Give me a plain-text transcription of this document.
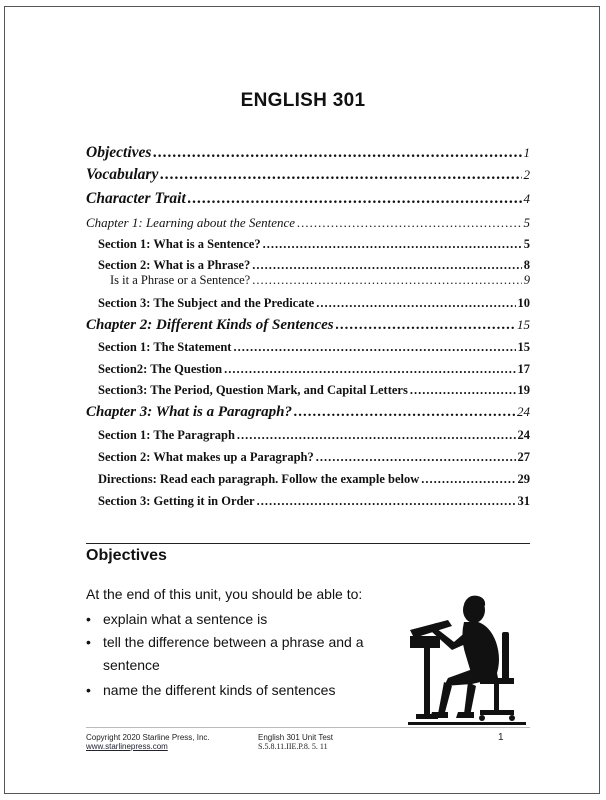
ENGLISH 301
Objectives .....	1
Vocabulary .....	2
Character Trait .....	4
Chapter 1: Learning about the Sentence .....	5
Section 1: What is a Sentence? .....	5
Section 2: What is a Phrase? .....	8
Is it a Phrase or a Sentence? .....	9
Section 3: The Subject and the Predicate .....	10
Chapter 2: Different Kinds of Sentences .....	15
Section 1: The Statement .....	15
Section2: The Question .....	17
Section3: The Period, Question Mark, and Capital Letters .....	19
Chapter 3: What is a Paragraph? .....	24
Section 1: The Paragraph .....	24
Section 2: What makes up a Paragraph? .....	27
Directions: Read each paragraph. Follow the example below .....	29
Section 3: Getting it in Order .....	31
Objectives
At the end of this unit, you should be able to:
• explain what a sentence is
• tell the difference between a phrase and a
sentence
• name the different kinds of sentences
Copyright 2020 Starline Press, Inc.
www.starlinepress.com
English 301 Unit Test
S.5.8.11.IIE.P.8. 5. 11
1
